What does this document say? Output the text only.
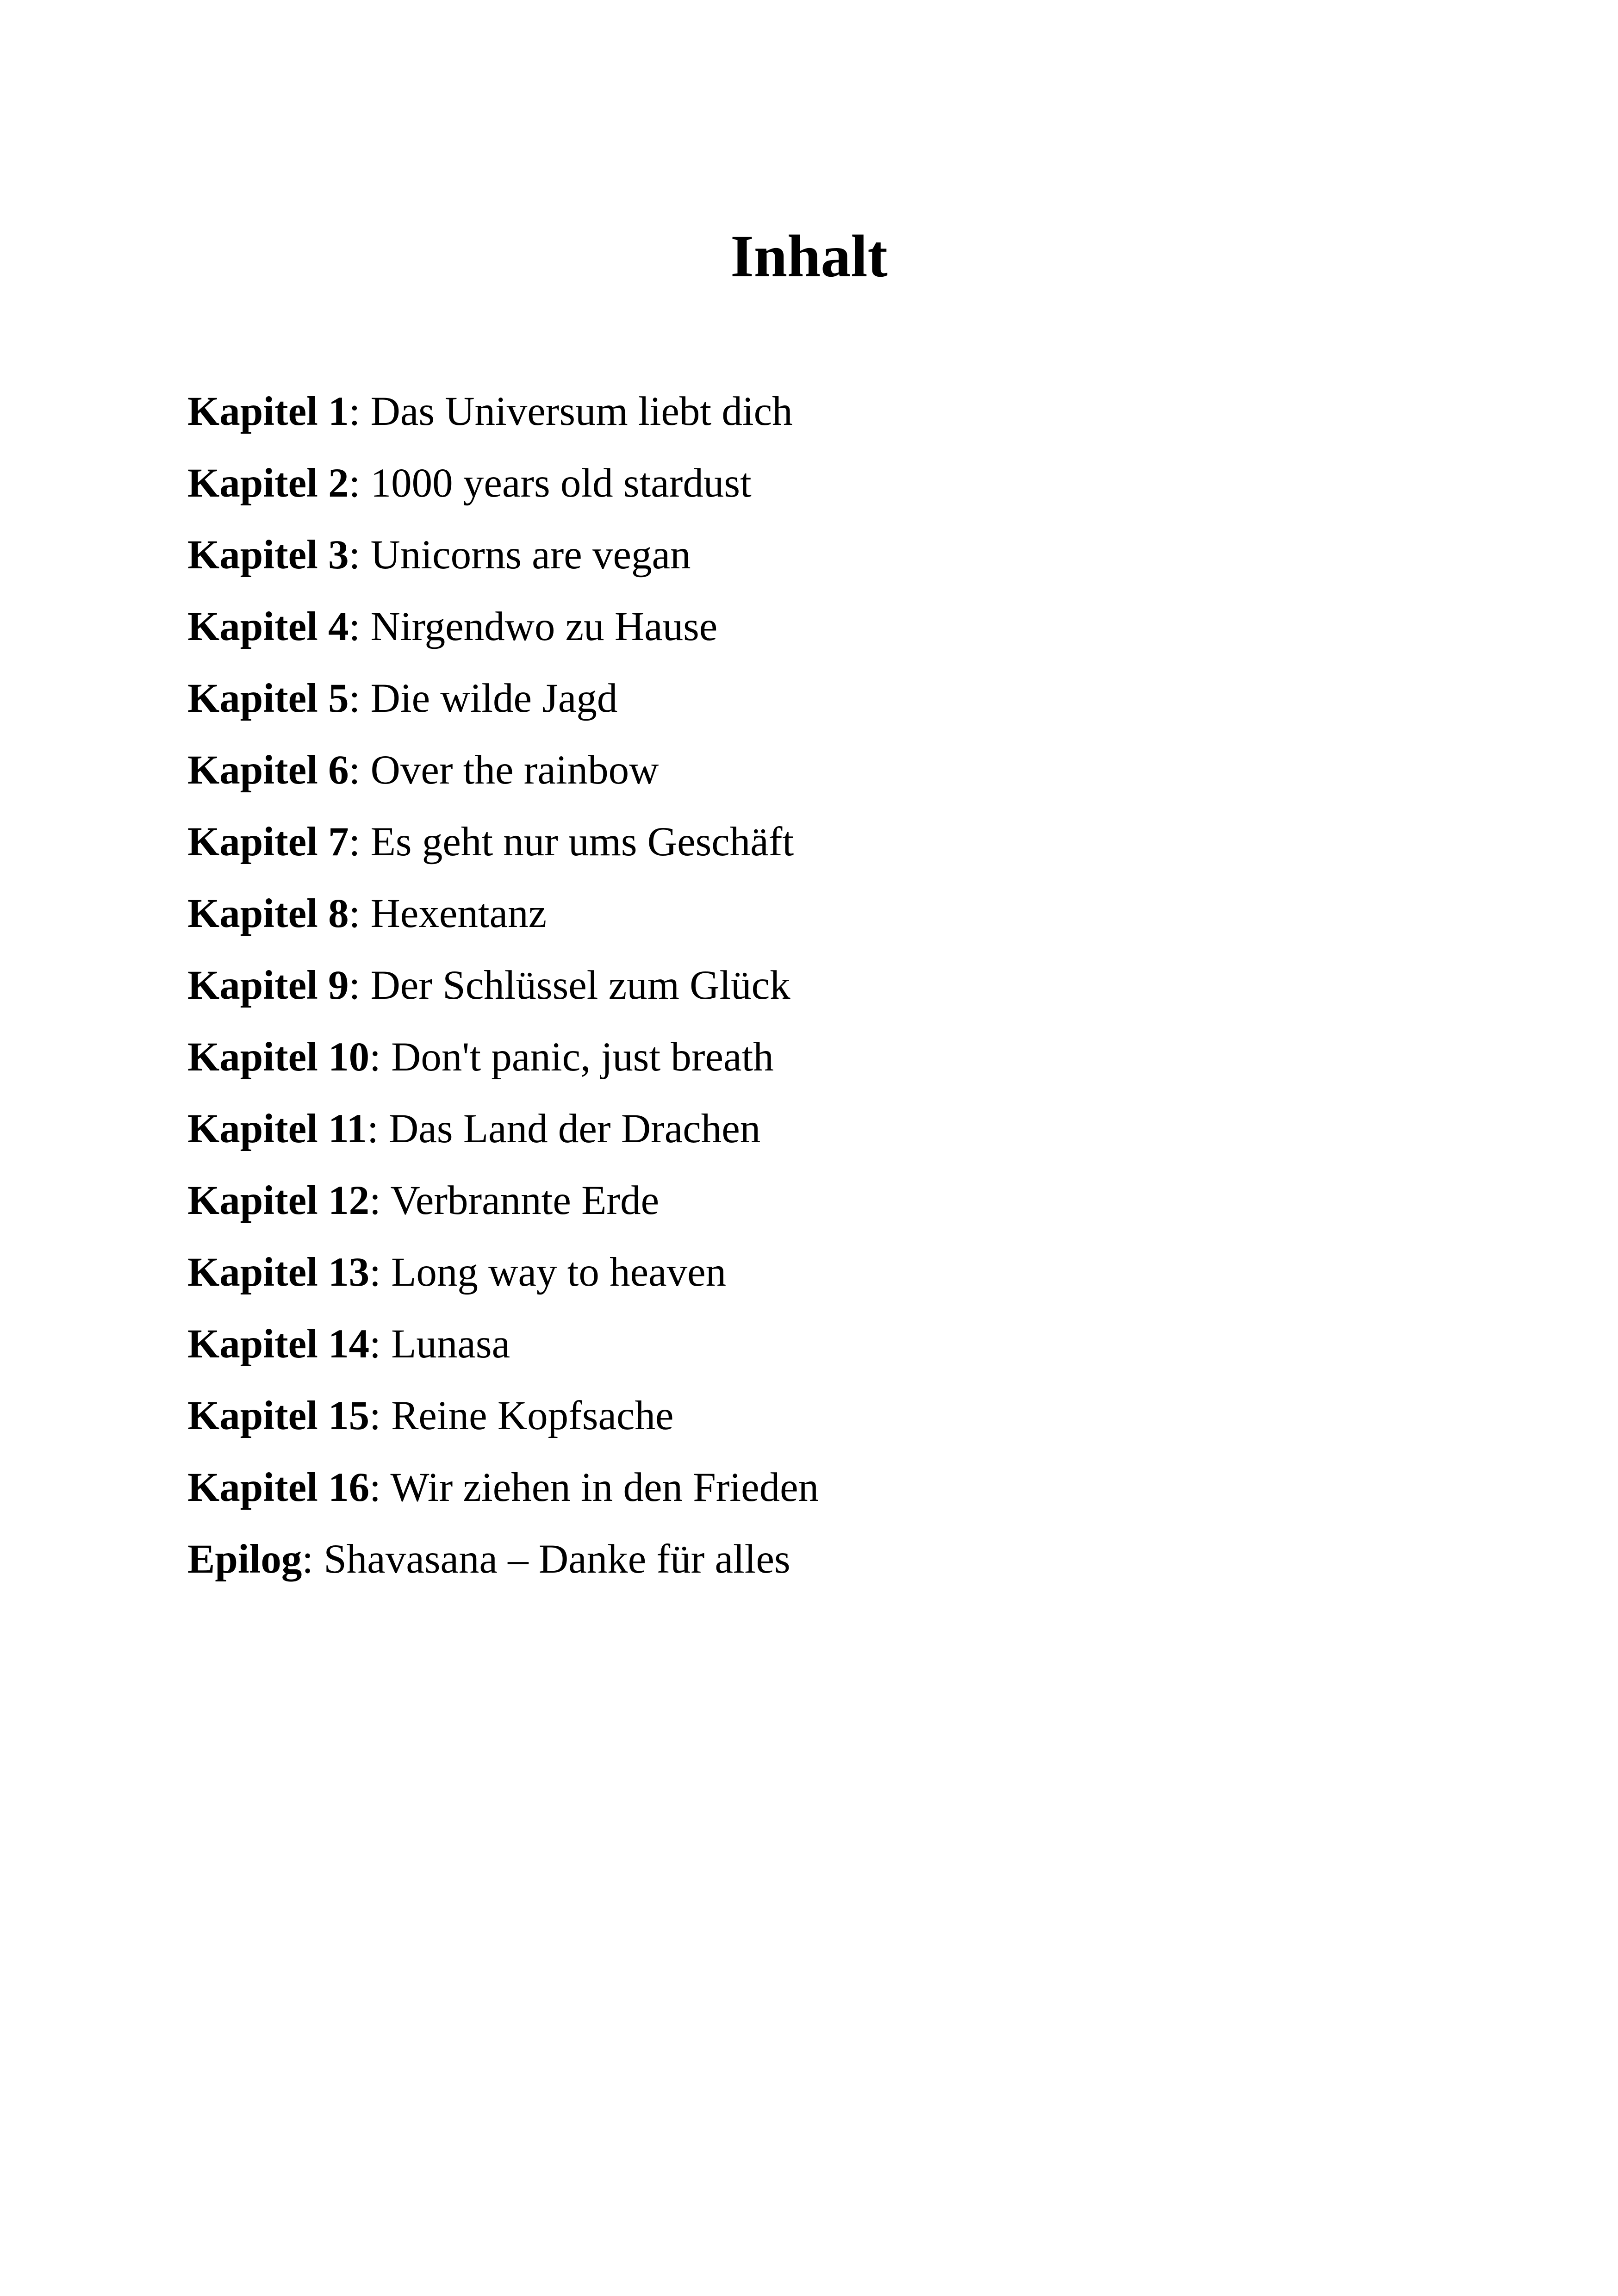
Inhalt
Kapitel 1: Das Universum liebt dich
Kapitel 2: 1000 years old stardust
Kapitel 3: Unicorns are vegan
Kapitel 4: Nirgendwo zu Hause
Kapitel 5: Die wilde Jagd
Kapitel 6: Over the rainbow
Kapitel 7: Es geht nur ums Geschäft
Kapitel 8: Hexentanz
Kapitel 9: Der Schlüssel zum Glück
Kapitel 10: Don't panic, just breath
Kapitel 11: Das Land der Drachen
Kapitel 12: Verbrannte Erde
Kapitel 13: Long way to heaven
Kapitel 14: Lunasa
Kapitel 15: Reine Kopfsache
Kapitel 16: Wir ziehen in den Frieden
Epilog: Shavasana – Danke für alles
